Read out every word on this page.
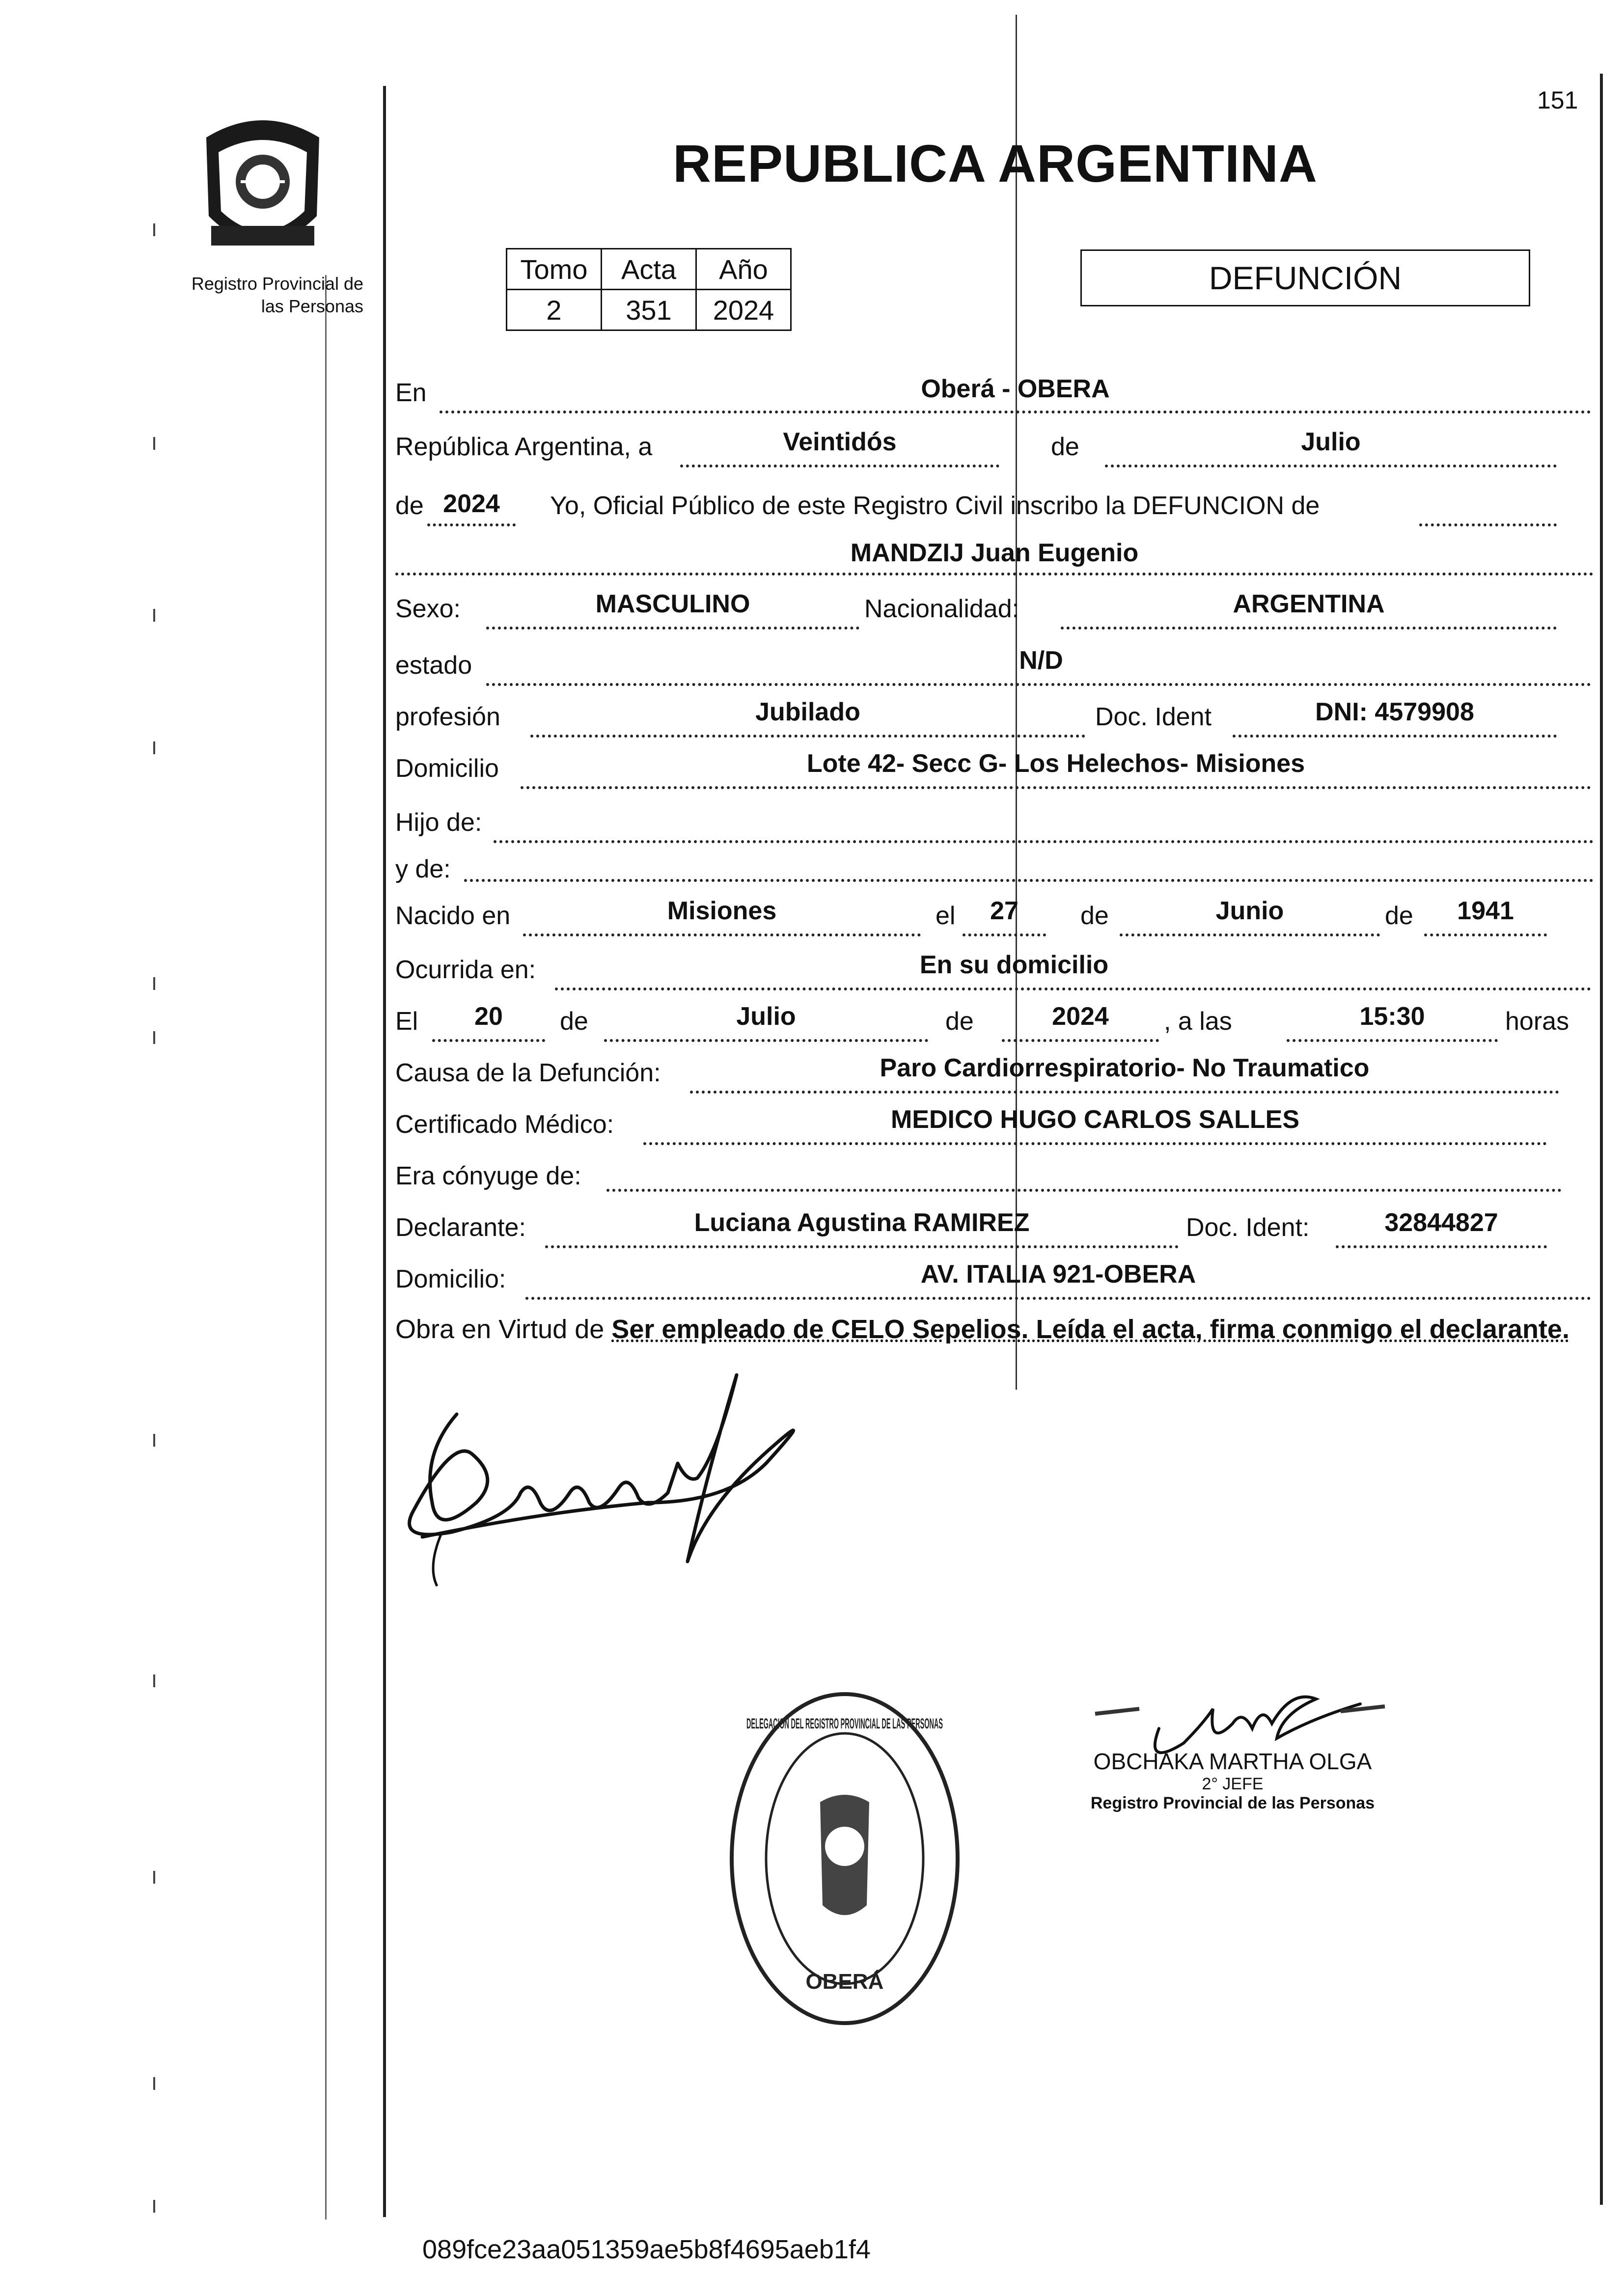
151
REPUBLICA ARGENTINA
Registro Provincial de
las Personas
Tomo	Acta	Año
2	351	2024
DEFUNCIÓN
En	Oberá - OBERA
República Argentina, a	Veintidós	de	Julio
de 2024	Yo, Oficial Público de este Registro Civil inscribo la DEFUNCION de
MANDZIJ Juan Eugenio
Sexo:	MASCULINO	Nacionalidad:	ARGENTINA
estado	N/D
profesión	Jubilado	Doc. Ident	DNI: 4579908
Domicilio	Lote 42- Secc G- Los Helechos- Misiones
Hijo de:
y de:
Nacido en	Misiones	el	27	de	Junio	de	1941
Ocurrida en:	En su domicilio
El	20	de	Julio	de	2024	, a las	15:30	horas
Causa de la Defunción:	Paro Cardiorrespiratorio- No Traumatico
Certificado Médico:	MEDICO HUGO CARLOS SALLES
Era cónyuge de:
Declarante:	Luciana Agustina RAMIREZ	Doc. Ident:	32844827
Domicilio:	AV. ITALIA 921-OBERA
Obra en Virtud de Ser empleado de CELO Sepelios. Leída el acta, firma conmigo el declarante.
OBERÁ
DELEGACION DEL REGISTRO PROVINCIAL DE LAS PERSONAS
OBCHAKA MARTHA OLGA
2° JEFE
Registro Provincial de las Personas
089fce23aa051359ae5b8f4695aeb1f4
